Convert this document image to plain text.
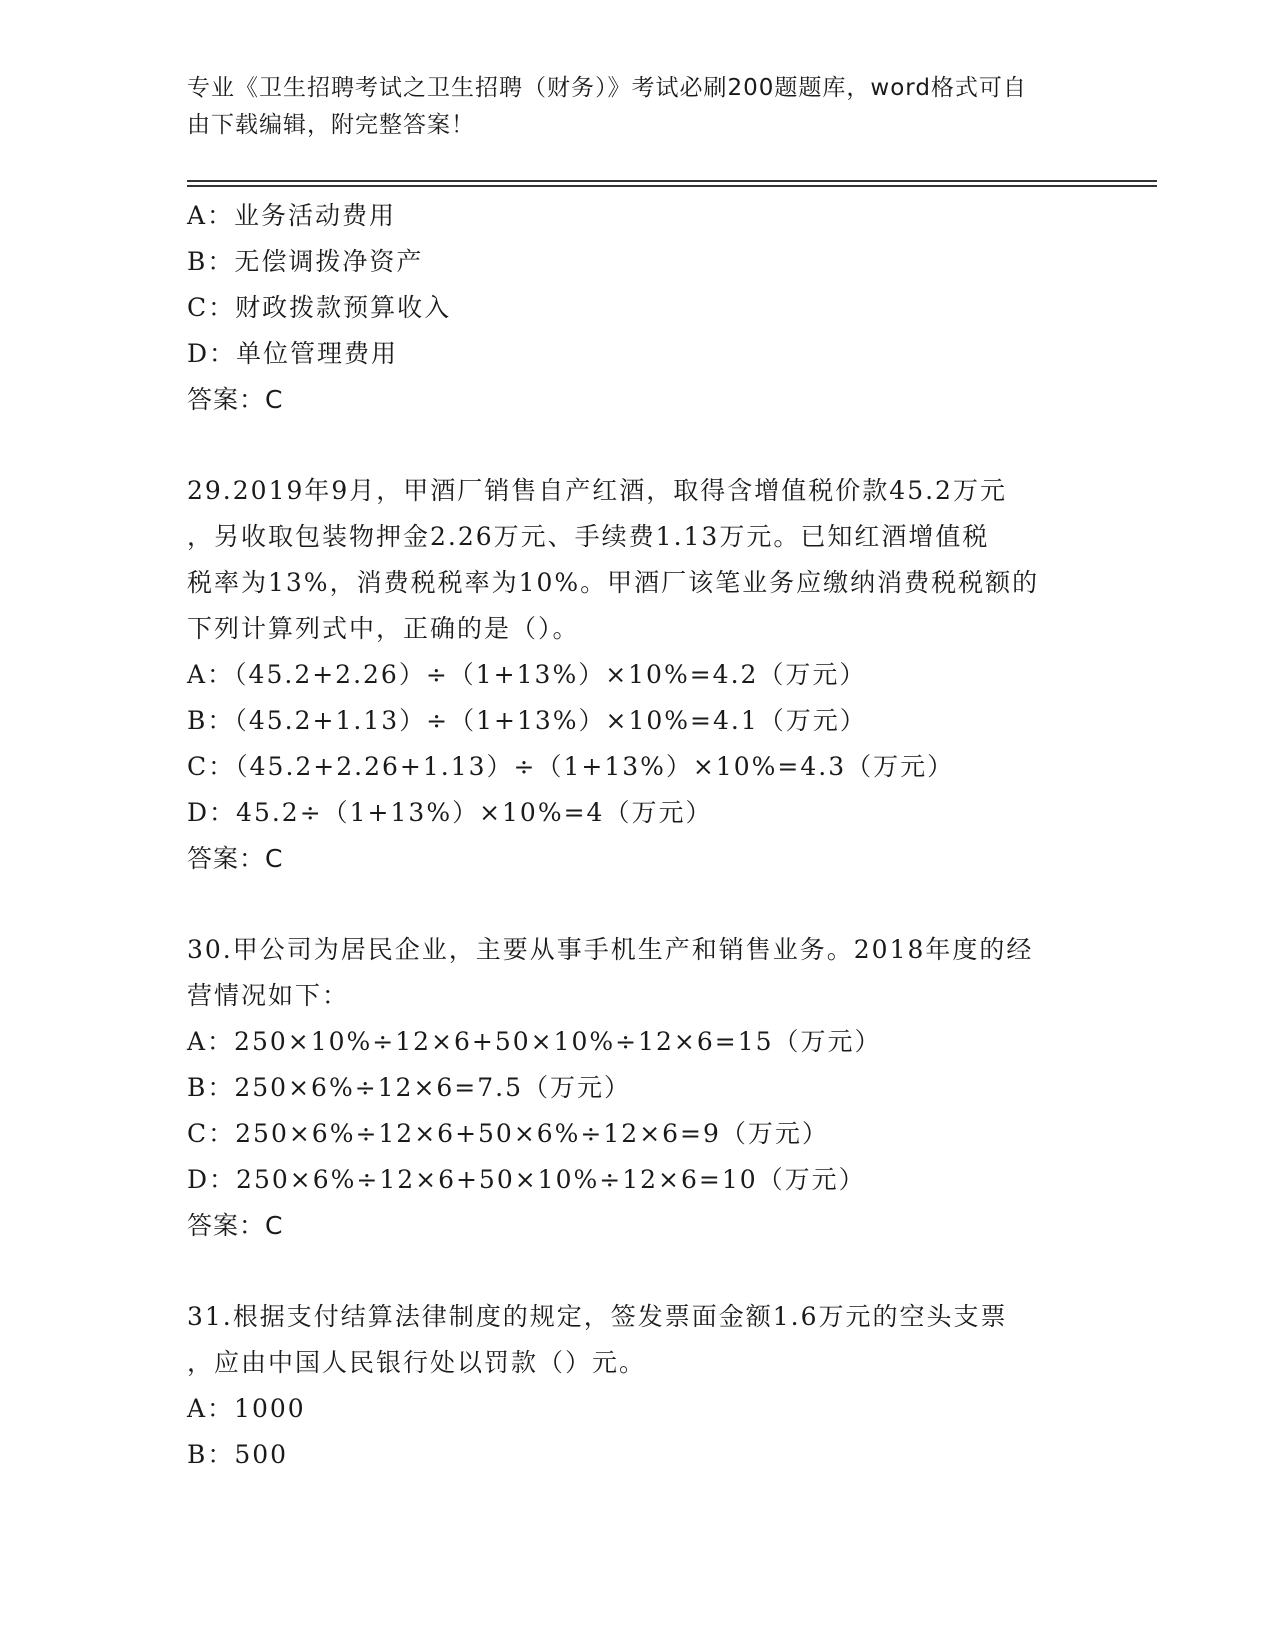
专业《卫生招聘考试之卫生招聘（财务）》考试必刷200题题库，word格式可自

由下载编辑，附完整答案！

A：业务活动费用
B：无偿调拨净资产
C：财政拨款预算收入
D：单位管理费用
答案：C
29.2019年9月，甲酒厂销售自产红酒，取得含增值税价款45.2万元
，另收取包装物押金2.26万元、手续费1.13万元。已知红酒增值税
税率为13%，消费税税率为10%。甲酒厂该笔业务应缴纳消费税税额的
下列计算列式中，正确的是（）。
A：（45.2+2.26）÷（1+13%）×10%=4.2（万元）
B：（45.2+1.13）÷（1+13%）×10%=4.1（万元）
C：（45.2+2.26+1.13）÷（1+13%）×10%=4.3（万元）
D：45.2÷（1+13%）×10%=4（万元）
答案：C
30.甲公司为居民企业，主要从事手机生产和销售业务。2018年度的经
营情况如下：
A：250×10%÷12×6+50×10%÷12×6=15（万元）
B：250×6%÷12×6=7.5（万元）
C：250×6%÷12×6+50×6%÷12×6=9（万元）
D：250×6%÷12×6+50×10%÷12×6=10（万元）
答案：C
31.根据支付结算法律制度的规定，签发票面金额1.6万元的空头支票
，应由中国人民银行处以罚款（）元。
A：1000
B：500
